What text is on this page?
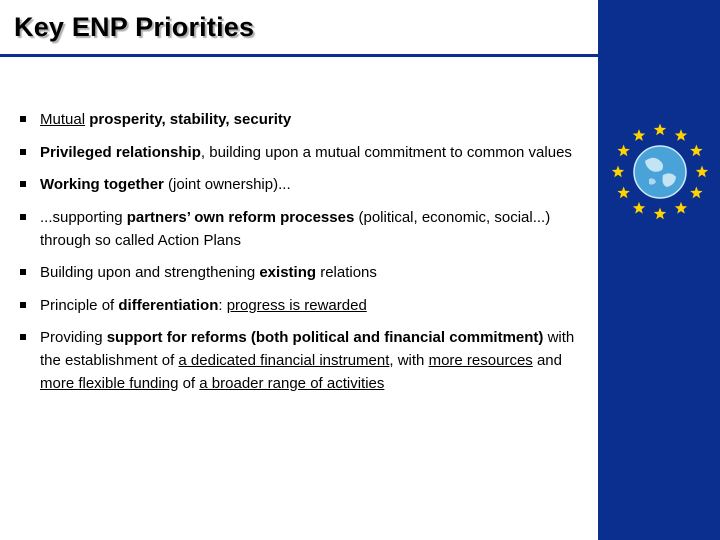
Key ENP Priorities
Mutual prosperity, stability, security
Privileged relationship, building upon a mutual commitment to common values
Working together (joint ownership)...
...supporting partners’ own reform processes (political, economic, social...) through so called Action Plans
Building upon and strengthening existing relations
Principle of differentiation: progress is rewarded
Providing support for reforms (both political and financial commitment) with the establishment of a dedicated financial instrument, with more resources and more flexible funding of a broader range of activities
